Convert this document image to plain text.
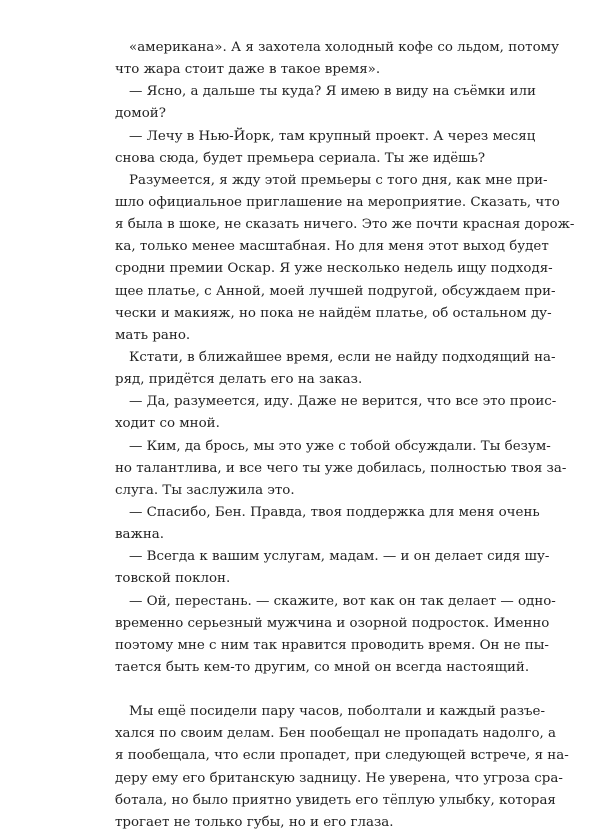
«американа». А я захотела холодный кофе со льдом, потому
что жара стоит даже в такое время».
— Ясно, а дальше ты куда? Я имею в виду на съёмки или
домой?
— Лечу в Нью-Йорк, там крупный проект. А через месяц
снова сюда, будет премьера сериала. Ты же идёшь?
Разумеется, я жду этой премьеры с того дня, как мне при-
шло официальное приглашение на мероприятие. Сказать, что
я была в шоке, не сказать ничего. Это же почти красная дорож-
ка, только менее масштабная. Но для меня этот выход будет
сродни премии Оскар. Я уже несколько недель ищу подходя-
щее платье, с Анной, моей лучшей подругой, обсуждаем при-
чески и макияж, но пока не найдём платье, об остальном ду-
мать рано.
Кстати, в ближайшее время, если не найду подходящий на-
ряд, придётся делать его на заказ.
— Да, разумеется, иду. Даже не верится, что все это проис-
ходит со мной.
— Ким, да брось, мы это уже с тобой обсуждали. Ты безум-
но талантлива, и все чего ты уже добилась, полностью твоя за-
слуга. Ты заслужила это.
— Спасибо, Бен. Правда, твоя поддержка для меня очень
важна.
— Всегда к вашим услугам, мадам. — и он делает сидя шу-
товской поклон.
— Ой, перестань. — скажите, вот как он так делает — одно-
временно серьезный мужчина и озорной подросток. Именно
поэтому мне с ним так нравится проводить время. Он не пы-
тается быть кем-то другим, со мной он всегда настоящий.
Мы ещё посидели пару часов, поболтали и каждый разъе-
хался по своим делам. Бен пообещал не пропадать надолго, а
я пообещала, что если пропадет, при следующей встрече, я на-
деру ему его британскую задницу. Не уверена, что угроза сра-
ботала, но было приятно увидеть его тёплую улыбку, которая
трогает не только губы, но и его глаза.
